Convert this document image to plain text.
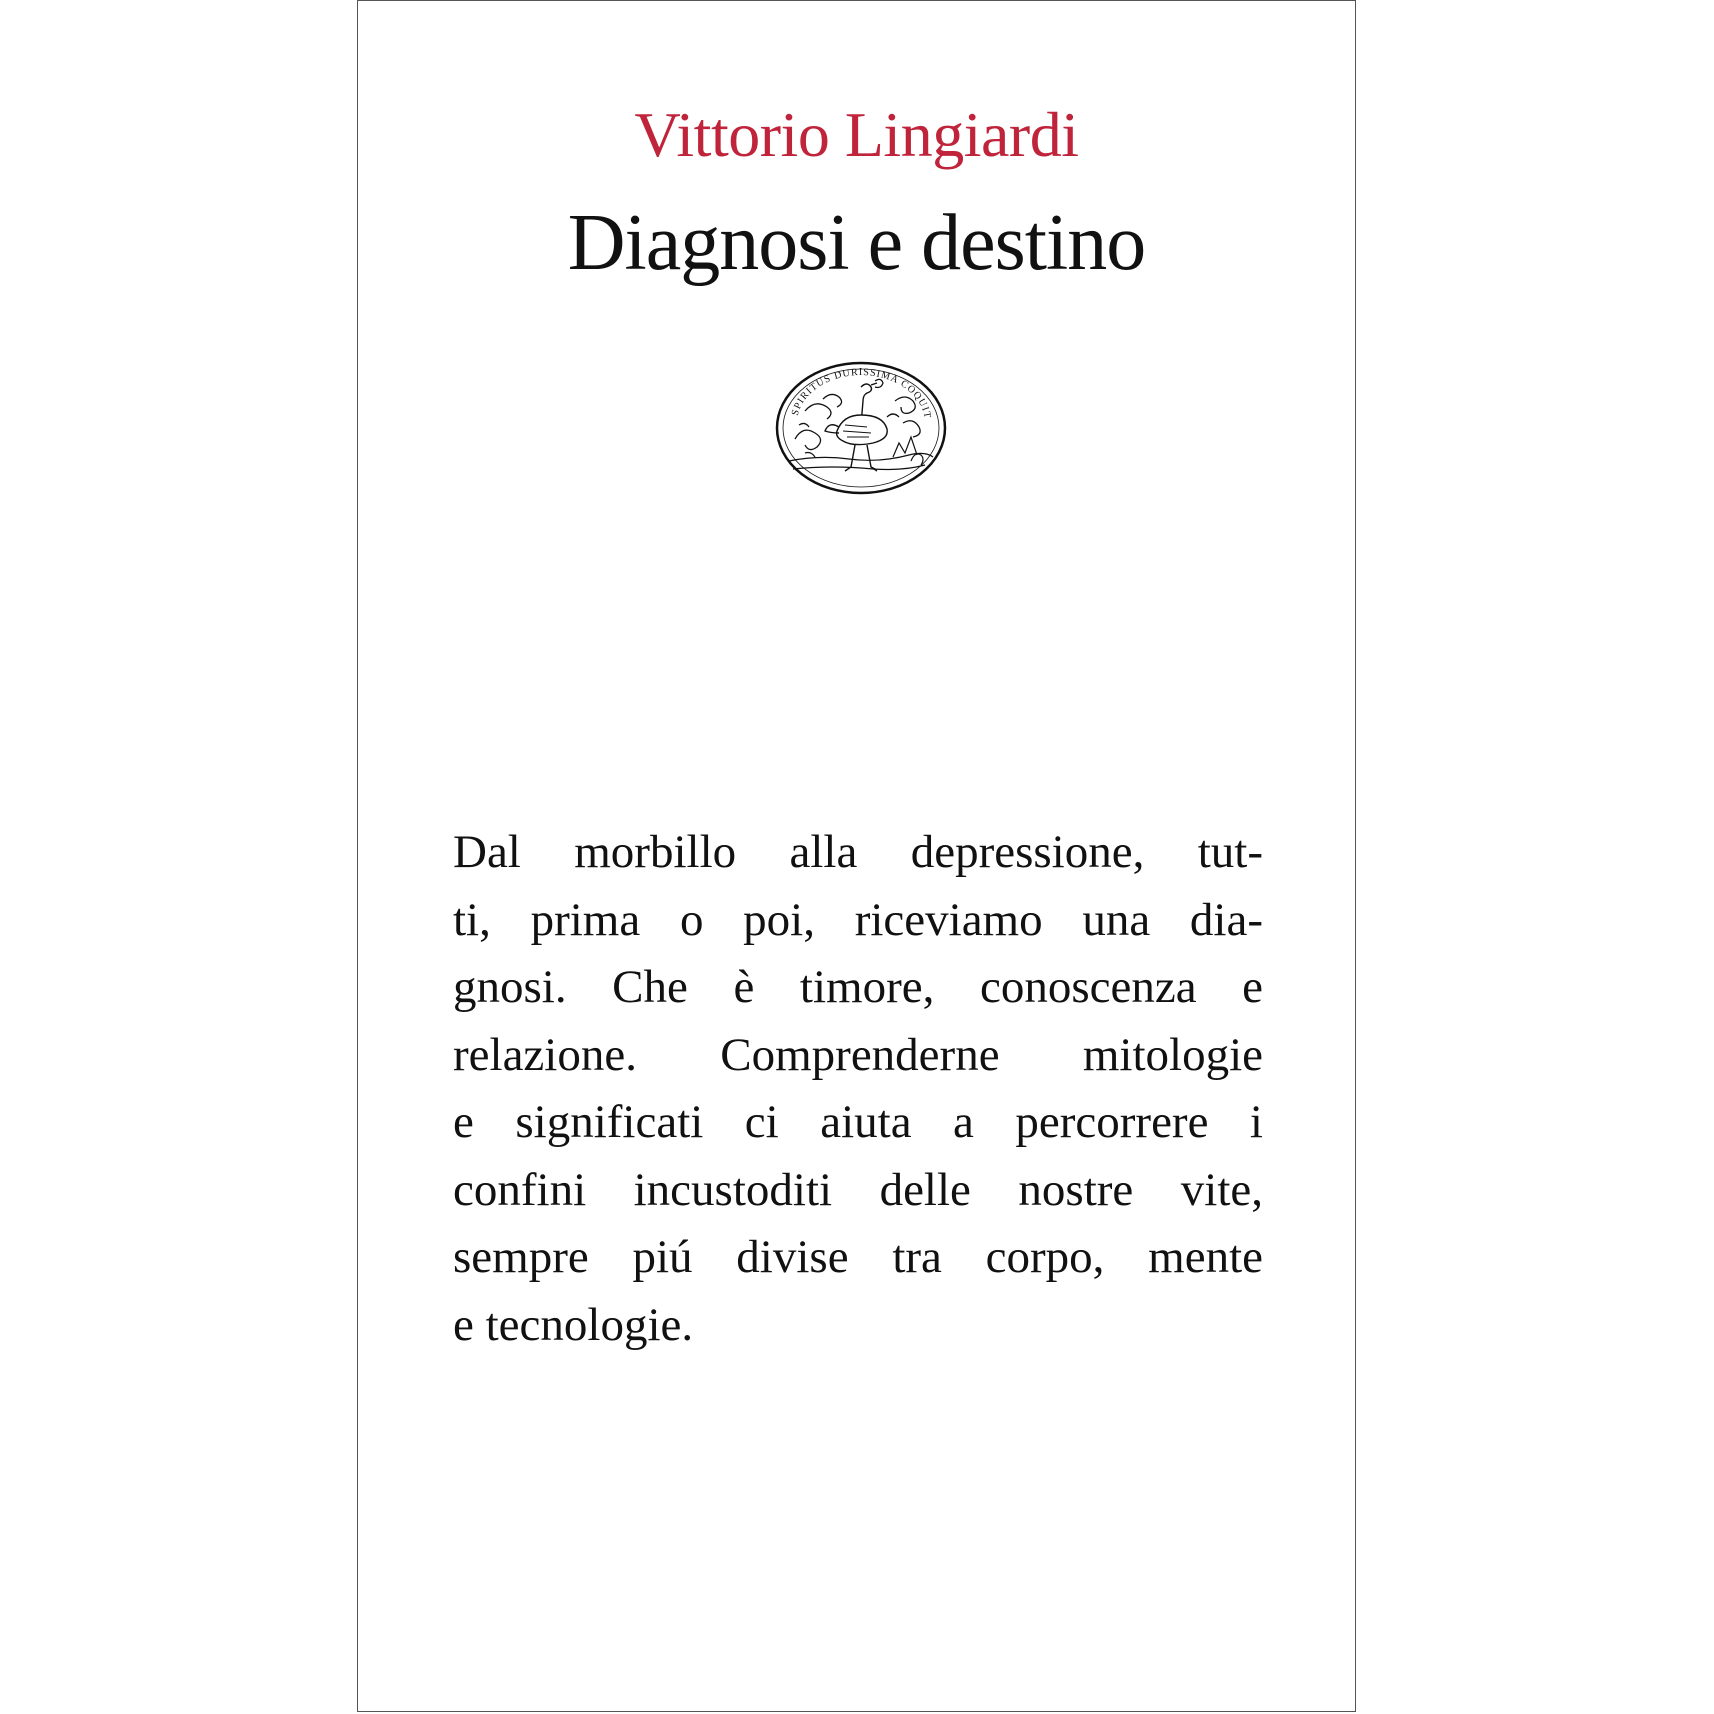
Vittorio Lingiardi
Diagnosi e destino
SPIRITUS DURISSIMA COQUIT
Dal morbillo alla depressione, tut-
ti, prima o poi, riceviamo una dia-
gnosi. Che è timore, conoscenza e
relazione. Comprenderne mitologie
e significati ci aiuta a percorrere i
confini incustoditi delle nostre vite,
sempre piú divise tra corpo, mente
e tecnologie.
